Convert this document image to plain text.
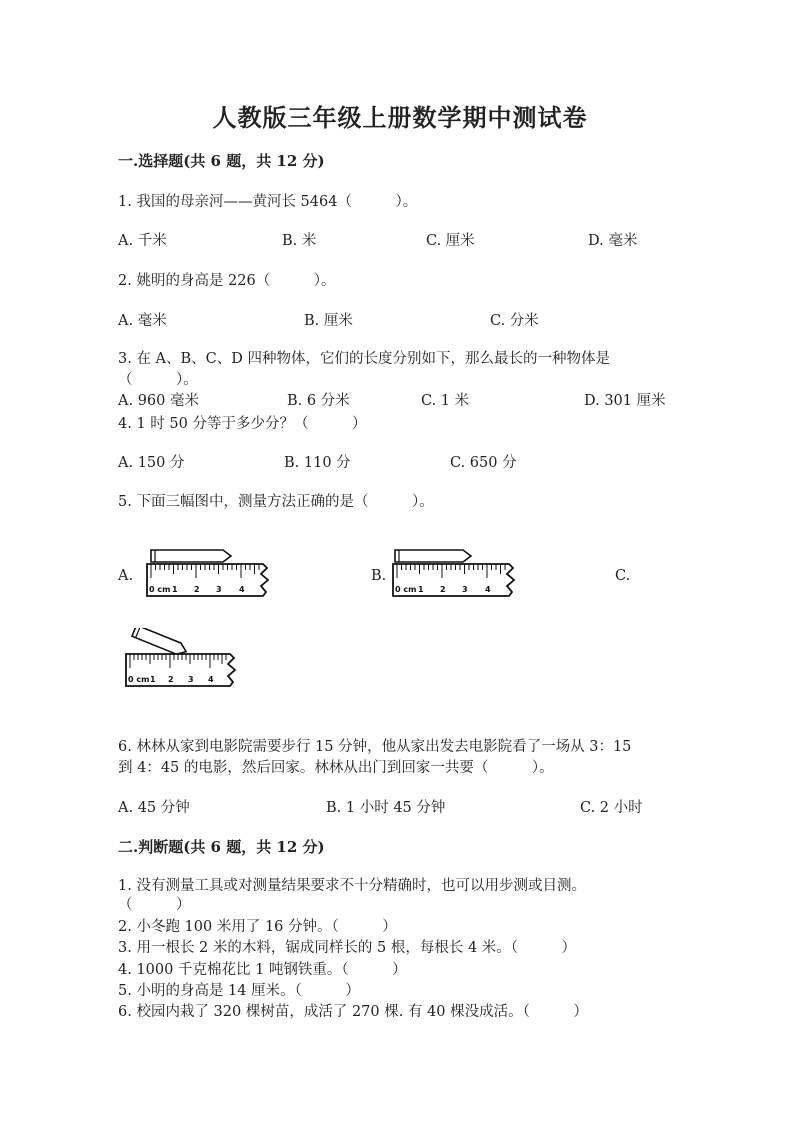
人教版三年级上册数学期中测试卷
一.选择题(共 6 题，共 12 分)
1. 我国的母亲河——黄河长 5464（　　　）。
A. 千米	B. 米	C. 厘米	D. 毫米
2. 姚明的身高是 226（　　　）。
A. 毫米	B. 厘米	C. 分米
3. 在 A、B、C、D 四种物体，它们的长度分别如下，那么最长的一种物体是
（　　　）。
A. 960 毫米	B. 6 分米	C. 1 米	D. 301 厘米
4. 1 时 50 分等于多少分？（　　　）
A. 150 分	B. 110 分	C. 650 分
5. 下面三幅图中，测量方法正确的是（　　　）。
A.
0 cm	2 3 4
1
B.
0 cm 1 2 3 4
C.
0 cm 2 3 4
1
6. 林林从家到电影院需要步行 15 分钟，他从家出发去电影院看了一场从 3：15
到 4：45 的电影，然后回家。林林从出门到回家一共要（　　　）。
A. 45 分钟	B. 1 小时 45 分钟	C. 2 小时
二.判断题(共 6 题，共 12 分)
1. 没有测量工具或对测量结果要求不十分精确时，也可以用步测或目测。
（　　　）
2. 小冬跑 100 米用了 16 分钟。（　　　）
3. 用一根长 2 米的木料，锯成同样长的 5 根，每根长 4 米。（　　　）
4. 1000 千克棉花比 1 吨钢铁重。（　　　）
5. 小明的身高是 14 厘米。（　　　）
6. 校园内栽了 320 棵树苗，成活了 270 棵. 有 40 棵没成活。（　　　）
